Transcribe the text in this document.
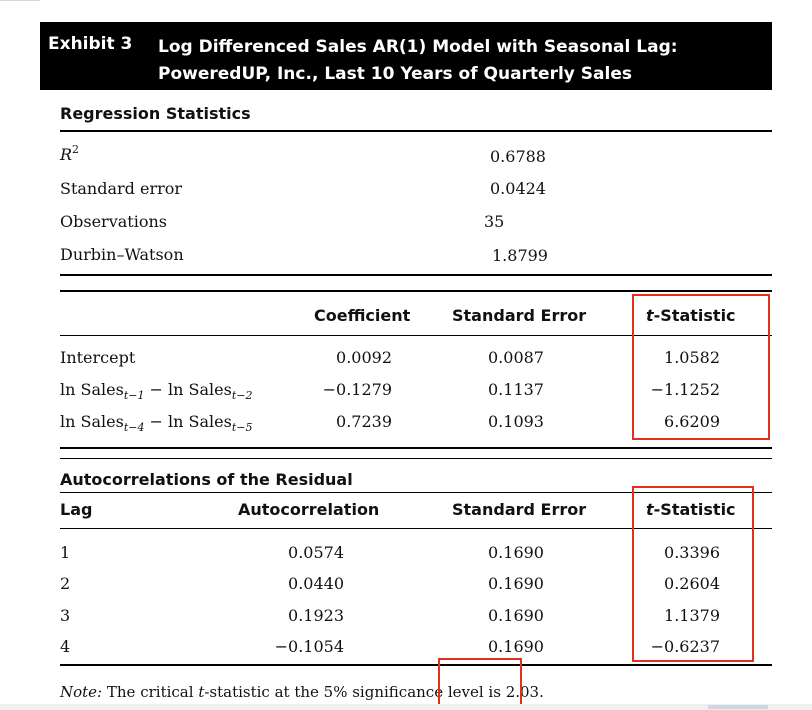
Exhibit 3 Log Differenced Sales AR(1) Model with Seasonal Lag:
PoweredUP, Inc., Last 10 Years of Quarterly Sales
Regression Statistics
$R^2$	0.6788
Standard error	0.0424
Observations	35
Durbin–Watson	1.8799
Coefficient	Standard Error	t-Statistic
Intercept	0.0092	0.0087	1.0582
ln Sales$_{t-1}$ − ln Sales$_{t-2}$	−0.1279	0.1137	−1.1252
ln Sales$_{t-4}$ − ln Sales$_{t-5}$	0.7239	0.1093	6.6209
Autocorrelations of the Residual
Lag	Autocorrelation	Standard Error	t-Statistic
1	0.0574	0.1690	0.3396
2	0.0440	0.1690	0.2604
3	0.1923	0.1690	1.1379
4	−0.1054	0.1690	−0.6237
Note: The critical t-statistic at the 5% significance level is 2.03.
